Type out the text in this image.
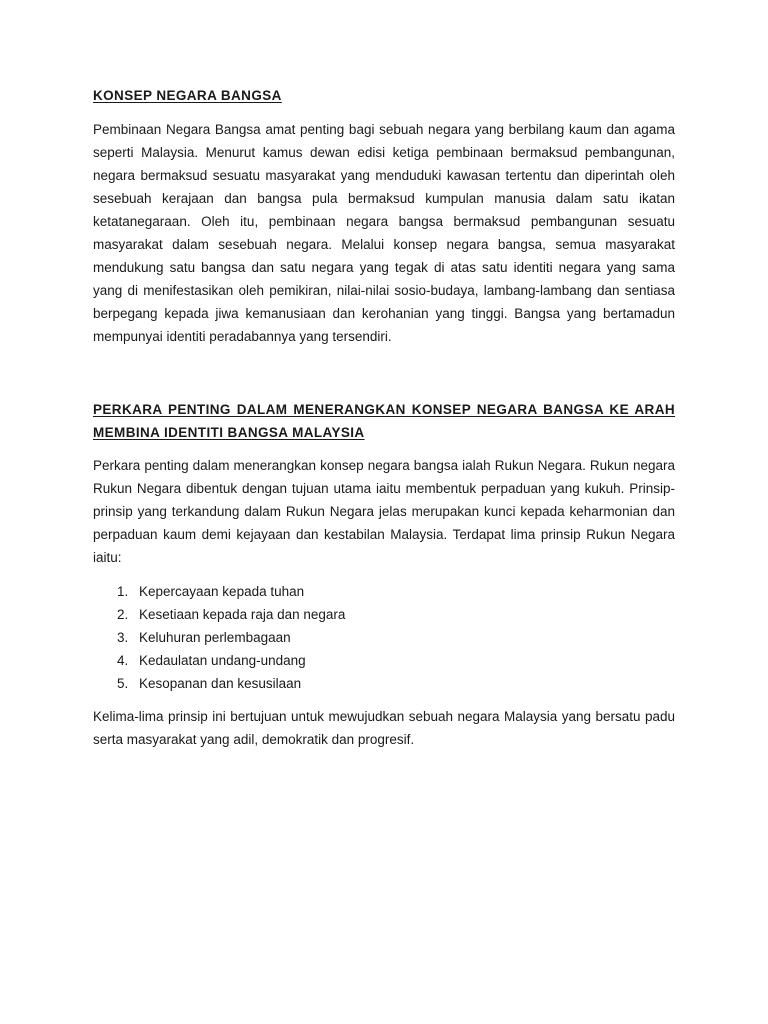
KONSEP NEGARA BANGSA

Pembinaan Negara Bangsa amat penting bagi sebuah negara yang berbilang kaum dan agama seperti Malaysia. Menurut kamus dewan edisi ketiga pembinaan bermaksud pembangunan, negara bermaksud sesuatu masyarakat yang menduduki kawasan tertentu dan diperintah oleh sesebuah kerajaan dan bangsa pula bermaksud kumpulan manusia dalam satu ikatan ketatanegaraan. Oleh itu, pembinaan negara bangsa bermaksud pembangunan sesuatu masyarakat dalam sesebuah negara. Melalui konsep negara bangsa, semua masyarakat mendukung satu bangsa dan satu negara yang tegak di atas satu identiti negara yang sama yang di menifestasikan oleh pemikiran, nilai-nilai sosio-budaya, lambang-lambang dan sentiasa berpegang kepada jiwa kemanusiaan dan kerohanian yang tinggi. Bangsa yang bertamadun mempunyai identiti peradabannya yang tersendiri.

PERKARA PENTING DALAM MENERANGKAN KONSEP NEGARA BANGSA KE ARAH MEMBINA IDENTITI BANGSA MALAYSIA

Perkara penting dalam menerangkan konsep negara bangsa ialah Rukun Negara. Rukun negara Rukun Negara dibentuk dengan tujuan utama iaitu membentuk perpaduan yang kukuh. Prinsip-prinsip yang terkandung dalam Rukun Negara jelas merupakan kunci kepada keharmonian dan perpaduan kaum demi kejayaan dan kestabilan Malaysia. Terdapat lima prinsip Rukun Negara iaitu:

1. Kepercayaan kepada tuhan
2. Kesetiaan kepada raja dan negara
3. Keluhuran perlembagaan
4. Kedaulatan undang-undang
5. Kesopanan dan kesusilaan

Kelima-lima prinsip ini bertujuan untuk mewujudkan sebuah negara Malaysia yang bersatu padu serta masyarakat yang adil, demokratik dan progresif.
